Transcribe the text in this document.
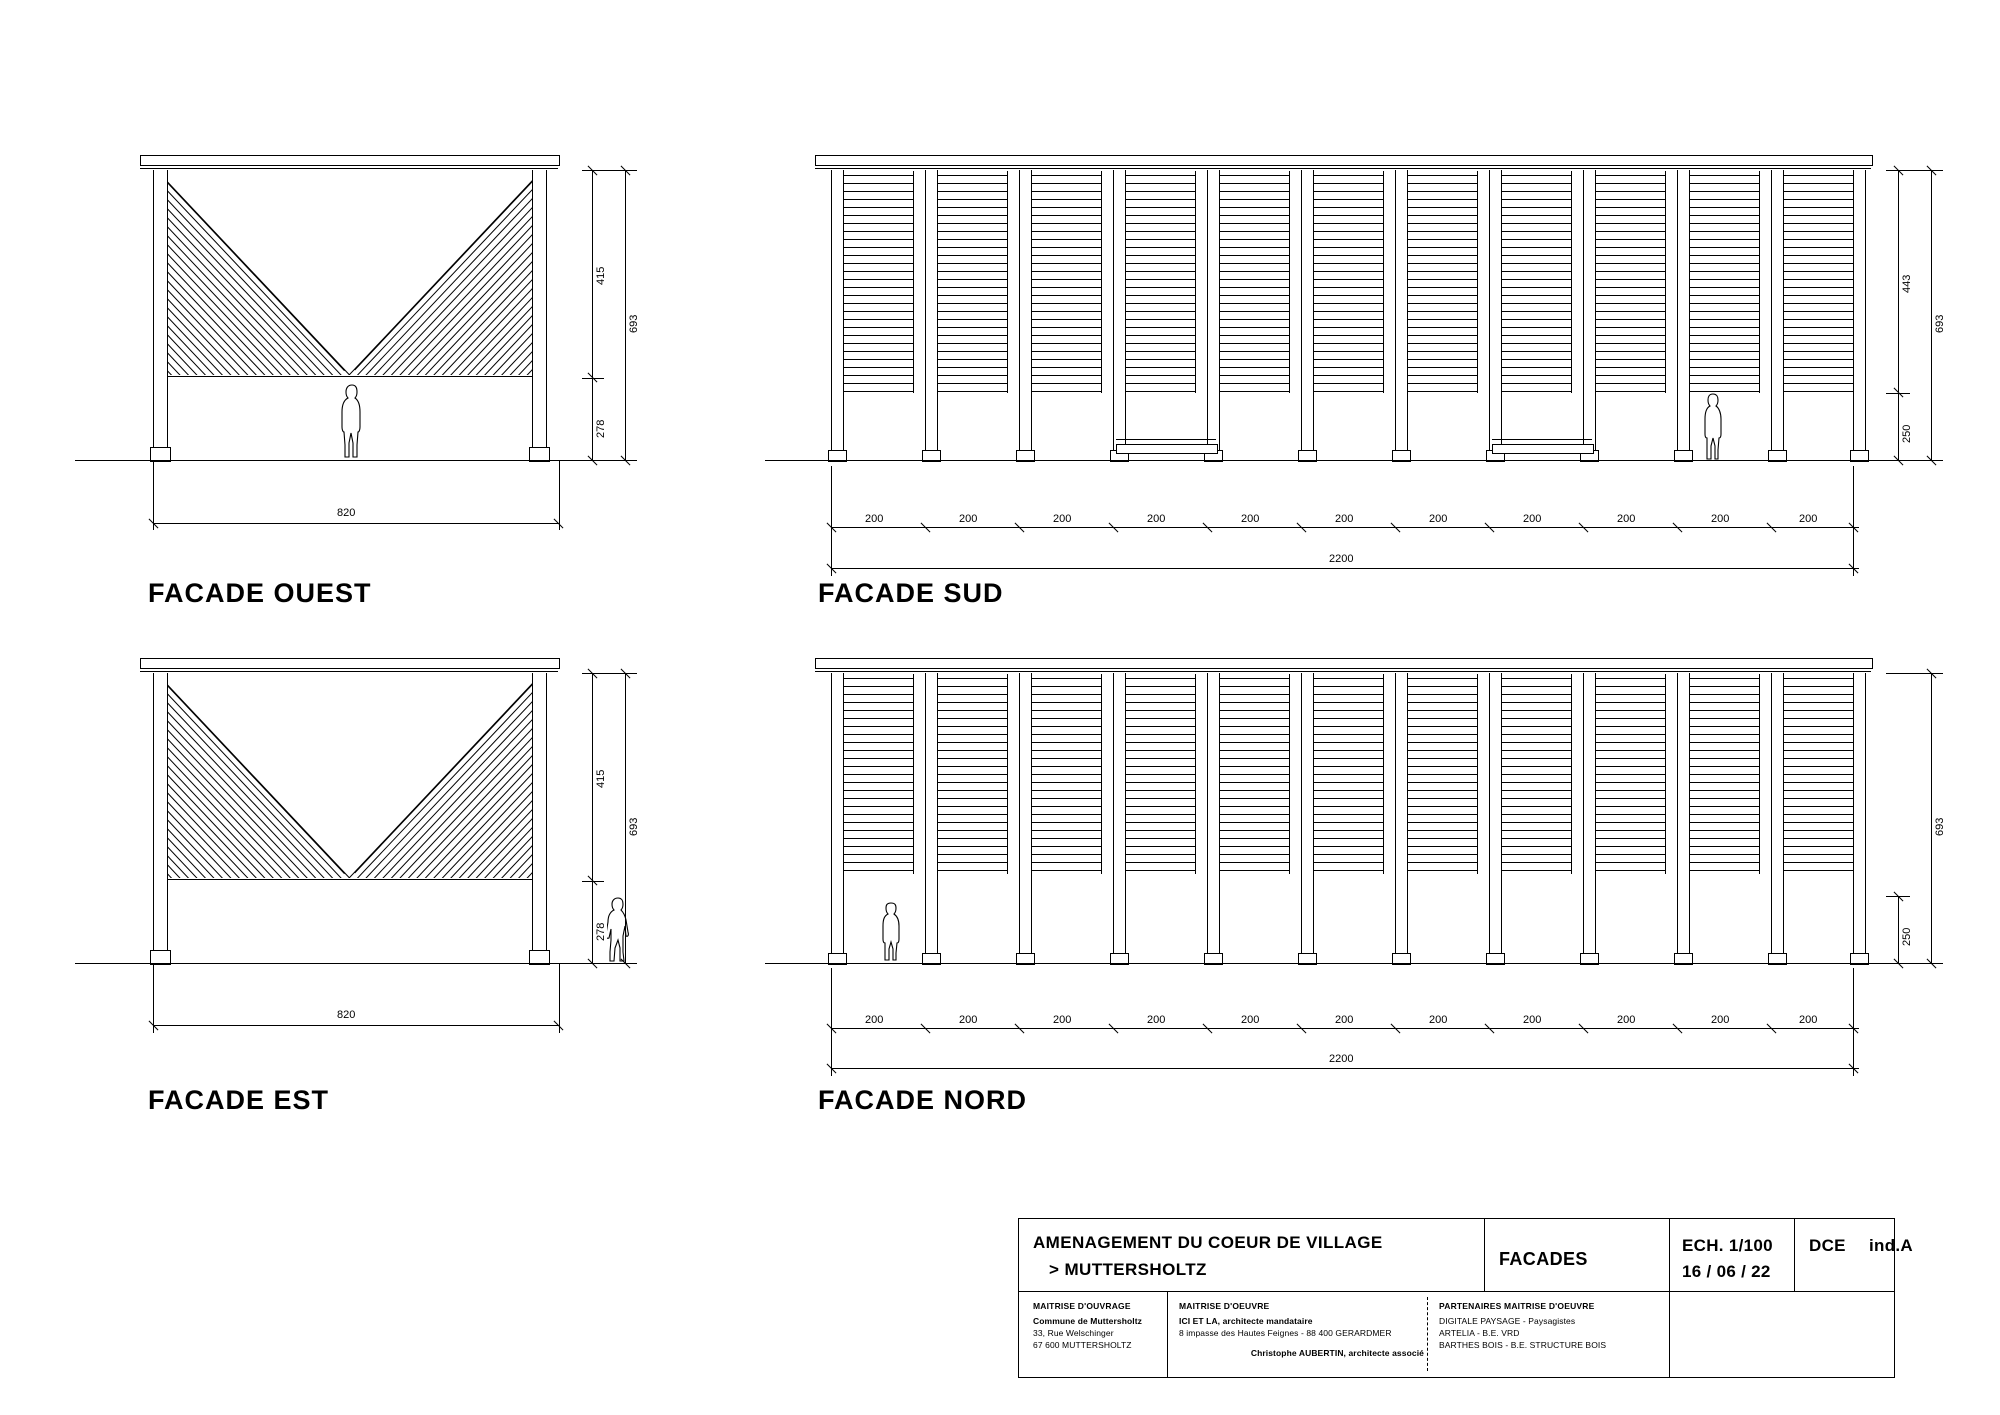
820
415
278
693
FACADE OUEST
200	200	200	200	200	200	200	200	200	200	200
2200
443
250
693
FACADE SUD
820
415
278
693
FACADE EST
200	200	200	200	200	200	200	200	200	200	200
2200
693
250
FACADE NORD
AMENAGEMENT DU COEUR DE VILLAGE
> MUTTERSHOLTZ
FACADES
ECH. 1/100
16 / 06 / 22
DCE ind.A
MAITRISE D'OUVRAGE
Commune de Muttersholtz
33, Rue Welschinger
67 600 MUTTERSHOLTZ
MAITRISE D'OEUVRE
ICI ET LA, architecte mandataire
8 impasse des Hautes Feignes - 88 400 GERARDMER
Christophe AUBERTIN, architecte associé
PARTENAIRES MAITRISE D'OEUVRE
DIGITALE PAYSAGE - Paysagistes
ARTELIA - B.E. VRD
BARTHES BOIS - B.E. STRUCTURE BOIS
